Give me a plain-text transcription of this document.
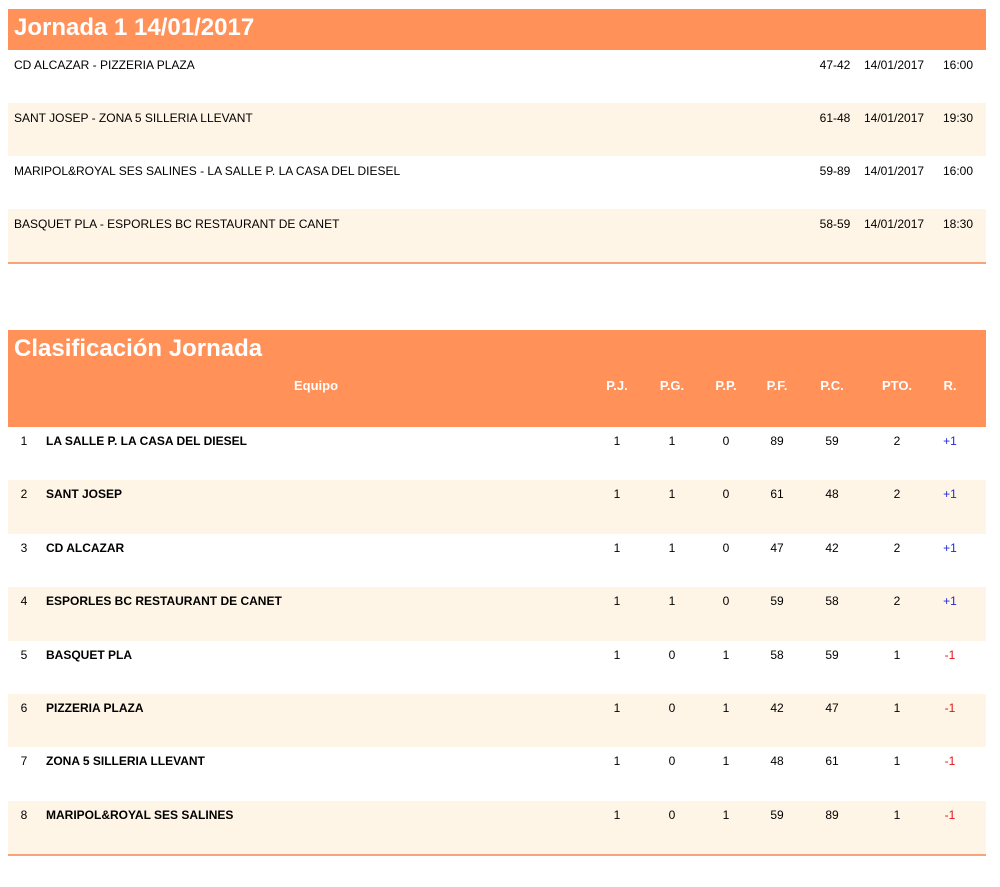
Jornada 1 14/01/2017
CD ALCAZAR - PIZZERIA PLAZA	47-42 14/01/2017 16:00
SANT JOSEP - ZONA 5 SILLERIA LLEVANT	61-48 14/01/2017 19:30
MARIPOL&ROYAL SES SALINES - LA SALLE P. LA CASA DEL DIESEL	59-89 14/01/2017 16:00
BASQUET PLA - ESPORLES BC RESTAURANT DE CANET	58-59 14/01/2017 18:30
Clasificación Jornada
Equipo	P.J.	P.G.	P.P.	P.F.	P.C.	PTO.	R.
1	LA SALLE P. LA CASA DEL DIESEL	1	1	0	89	59	2	+1
2	SANT JOSEP	1	1	0	61	48	2	+1
3	CD ALCAZAR	1	1	0	47	42	2	+1
4	ESPORLES BC RESTAURANT DE CANET	1	1	0	59	58	2	+1
5	BASQUET PLA	1	0	1	58	59	1	-1
6	PIZZERIA PLAZA	1	0	1	42	47	1	-1
7	ZONA 5 SILLERIA LLEVANT	1	0	1	48	61	1	-1
8	MARIPOL&ROYAL SES SALINES	1	0	1	59	89	1	-1
